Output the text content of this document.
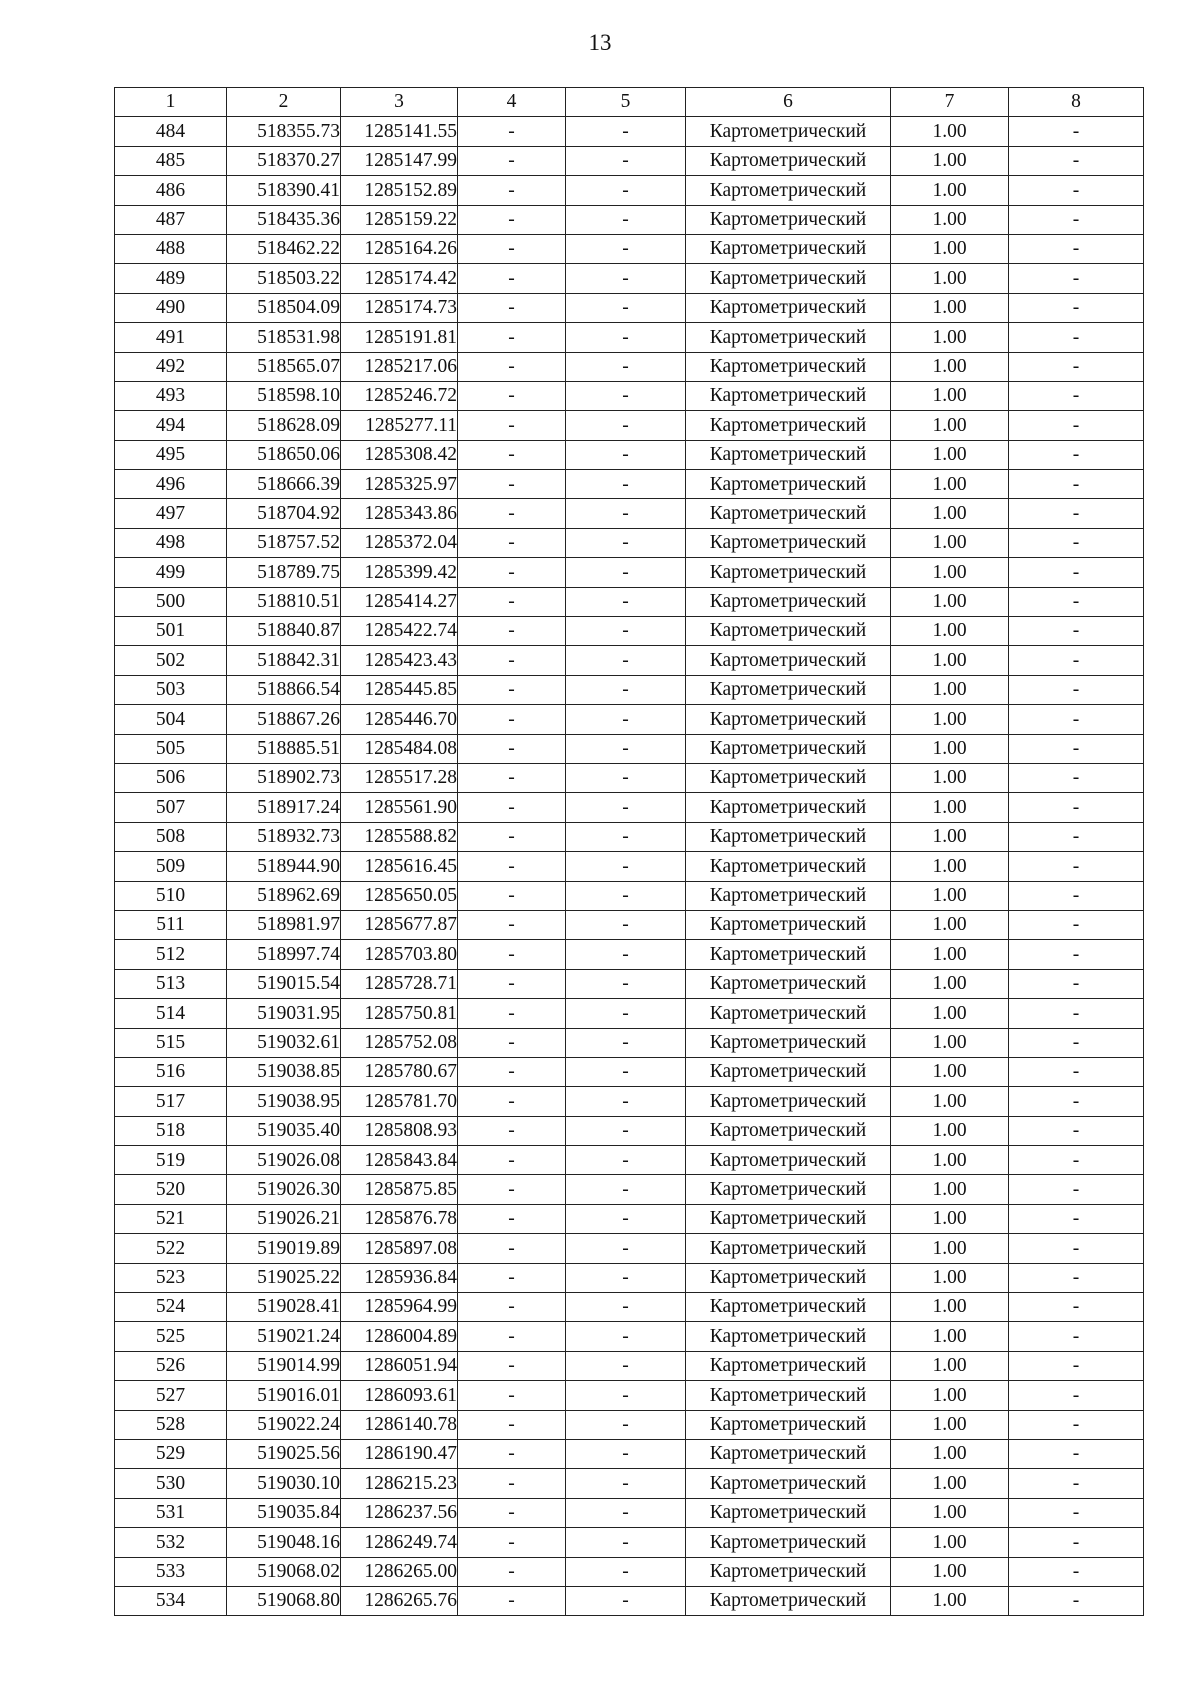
13
1	2	3	4	5	6	7	8
484	518355.73	1285141.55	-	-	Картометрический	1.00	-
485	518370.27	1285147.99	-	-	Картометрический	1.00	-
486	518390.41	1285152.89	-	-	Картометрический	1.00	-
487	518435.36	1285159.22	-	-	Картометрический	1.00	-
488	518462.22	1285164.26	-	-	Картометрический	1.00	-
489	518503.22	1285174.42	-	-	Картометрический	1.00	-
490	518504.09	1285174.73	-	-	Картометрический	1.00	-
491	518531.98	1285191.81	-	-	Картометрический	1.00	-
492	518565.07	1285217.06	-	-	Картометрический	1.00	-
493	518598.10	1285246.72	-	-	Картометрический	1.00	-
494	518628.09	1285277.11	-	-	Картометрический	1.00	-
495	518650.06	1285308.42	-	-	Картометрический	1.00	-
496	518666.39	1285325.97	-	-	Картометрический	1.00	-
497	518704.92	1285343.86	-	-	Картометрический	1.00	-
498	518757.52	1285372.04	-	-	Картометрический	1.00	-
499	518789.75	1285399.42	-	-	Картометрический	1.00	-
500	518810.51	1285414.27	-	-	Картометрический	1.00	-
501	518840.87	1285422.74	-	-	Картометрический	1.00	-
502	518842.31	1285423.43	-	-	Картометрический	1.00	-
503	518866.54	1285445.85	-	-	Картометрический	1.00	-
504	518867.26	1285446.70	-	-	Картометрический	1.00	-
505	518885.51	1285484.08	-	-	Картометрический	1.00	-
506	518902.73	1285517.28	-	-	Картометрический	1.00	-
507	518917.24	1285561.90	-	-	Картометрический	1.00	-
508	518932.73	1285588.82	-	-	Картометрический	1.00	-
509	518944.90	1285616.45	-	-	Картометрический	1.00	-
510	518962.69	1285650.05	-	-	Картометрический	1.00	-
511	518981.97	1285677.87	-	-	Картометрический	1.00	-
512	518997.74	1285703.80	-	-	Картометрический	1.00	-
513	519015.54	1285728.71	-	-	Картометрический	1.00	-
514	519031.95	1285750.81	-	-	Картометрический	1.00	-
515	519032.61	1285752.08	-	-	Картометрический	1.00	-
516	519038.85	1285780.67	-	-	Картометрический	1.00	-
517	519038.95	1285781.70	-	-	Картометрический	1.00	-
518	519035.40	1285808.93	-	-	Картометрический	1.00	-
519	519026.08	1285843.84	-	-	Картометрический	1.00	-
520	519026.30	1285875.85	-	-	Картометрический	1.00	-
521	519026.21	1285876.78	-	-	Картометрический	1.00	-
522	519019.89	1285897.08	-	-	Картометрический	1.00	-
523	519025.22	1285936.84	-	-	Картометрический	1.00	-
524	519028.41	1285964.99	-	-	Картометрический	1.00	-
525	519021.24	1286004.89	-	-	Картометрический	1.00	-
526	519014.99	1286051.94	-	-	Картометрический	1.00	-
527	519016.01	1286093.61	-	-	Картометрический	1.00	-
528	519022.24	1286140.78	-	-	Картометрический	1.00	-
529	519025.56	1286190.47	-	-	Картометрический	1.00	-
530	519030.10	1286215.23	-	-	Картометрический	1.00	-
531	519035.84	1286237.56	-	-	Картометрический	1.00	-
532	519048.16	1286249.74	-	-	Картометрический	1.00	-
533	519068.02	1286265.00	-	-	Картометрический	1.00	-
534	519068.80	1286265.76	-	-	Картометрический	1.00	-
